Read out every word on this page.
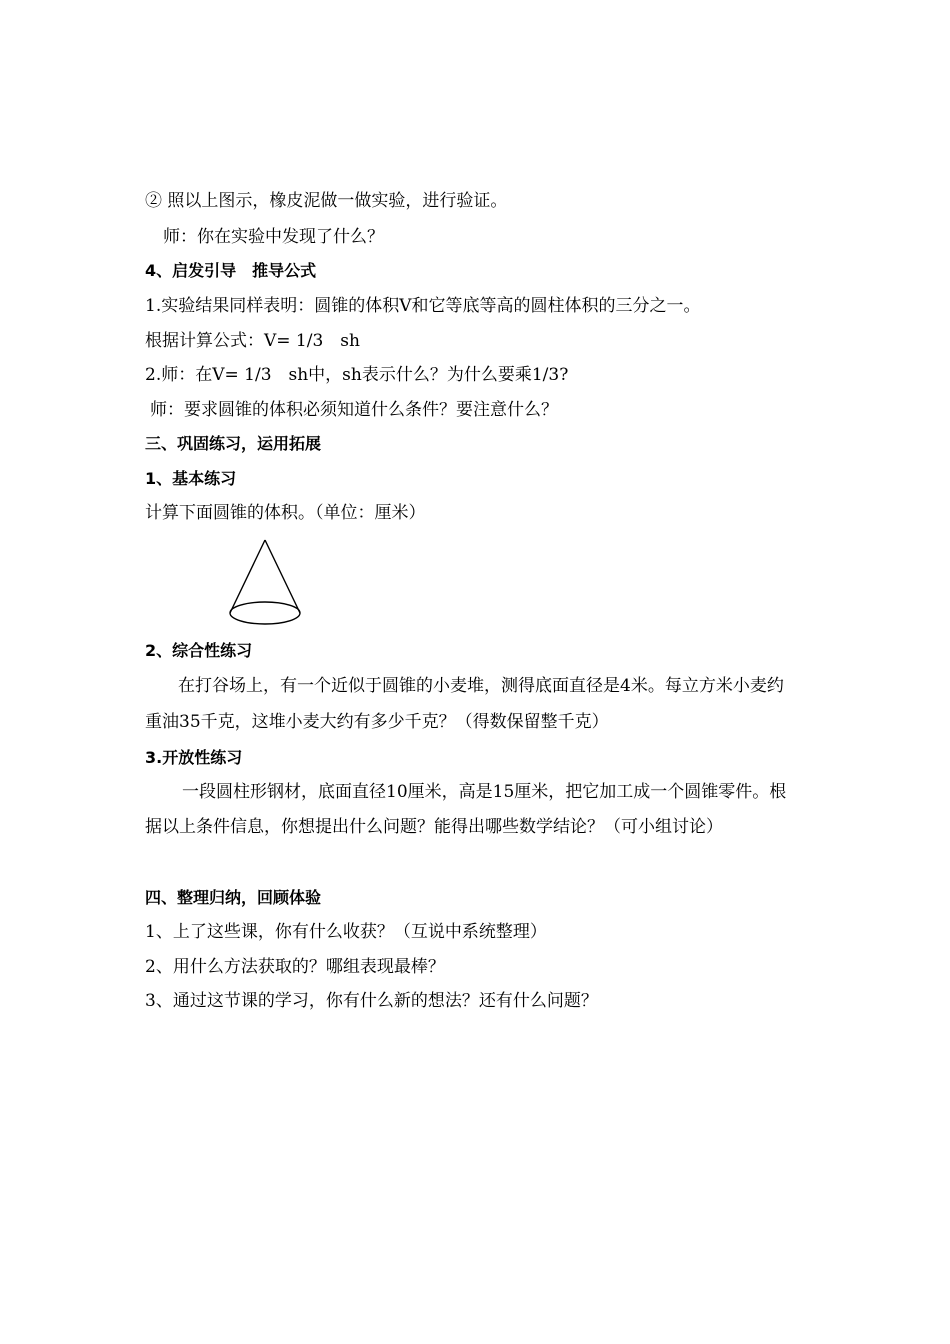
② 照以上图示，橡皮泥做一做实验，进行验证。
师：你在实验中发现了什么？
4、启发引导　推导公式
1.实验结果同样表明：圆锥的体积V和它等底等高的圆柱体积的三分之一。
根据计算公式：V= 1/3　sh
2.师：在V= 1/3　sh中，sh表示什么？为什么要乘1/3?
师：要求圆锥的体积必须知道什么条件？要注意什么？
三、巩固练习，运用拓展
1、基本练习
计算下面圆锥的体积。（单位：厘米）
2、综合性练习
在打谷场上，有一个近似于圆锥的小麦堆，测得底面直径是4米。每立方米小麦约
重油35千克，这堆小麦大约有多少千克？（得数保留整千克）
3.开放性练习
一段圆柱形钢材，底面直径10厘米，高是15厘米，把它加工成一个圆锥零件。根
据以上条件信息，你想提出什么问题？能得出哪些数学结论？（可小组讨论）
四、整理归纳，回顾体验
1、上了这些课，你有什么收获？（互说中系统整理）
2、用什么方法获取的？哪组表现最棒？
3、通过这节课的学习，你有什么新的想法？还有什么问题？
